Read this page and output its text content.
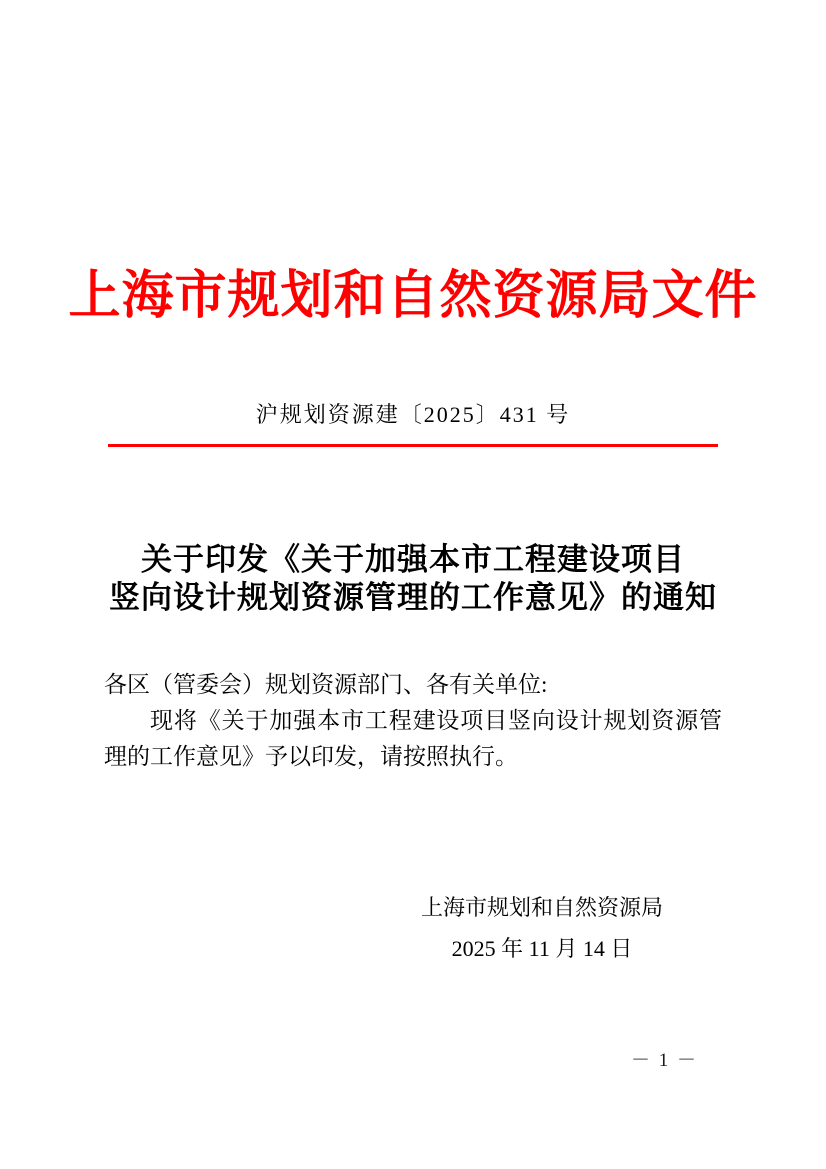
上海市规划和自然资源局文件
沪规划资源建〔2025〕431 号
关于印发《关于加强本市工程建设项目
竖向设计规划资源管理的工作意见》的通知

各区（管委会）规划资源部门、各有关单位:

现将《关于加强本市工程建设项目竖向设计规划资源管理的工作意见》予以印发，请按照执行。

上海市规划和自然资源局
2025 年 11 月 14 日
－ 1 －
